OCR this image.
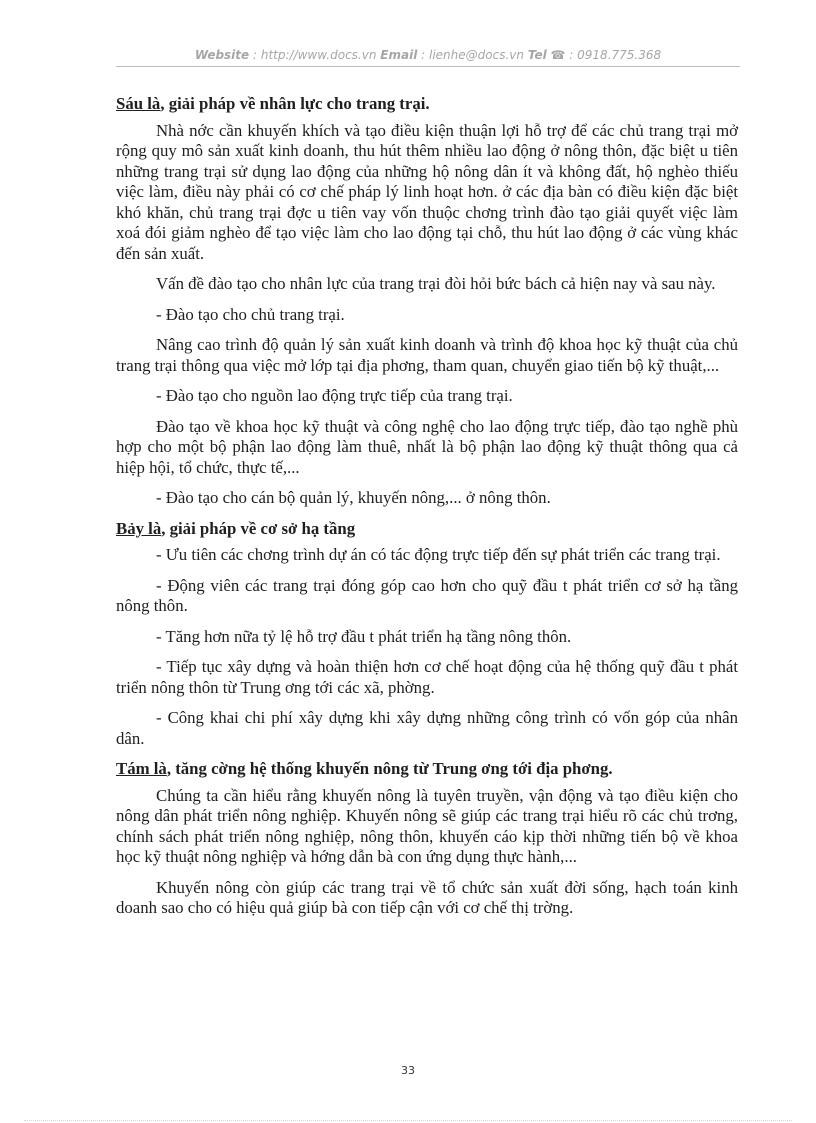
Website : http://www.docs.vn Email : lienhe@docs.vn Tel ☎ : 0918.775.368
Sáu là, giải pháp về nhân lực cho trang trại.

Nhà nớc cần khuyến khích và tạo điều kiện thuận lợi hỗ trợ để các chủ trang trại mở rộng quy mô sản xuất kinh doanh, thu hút thêm nhiều lao động ở nông thôn, đặc biệt u tiên những trang trại sử dụng lao động của những hộ nông dân ít và không đất, hộ nghèo thiếu việc làm, điều này phải có cơ chế pháp lý linh hoạt hơn. ở các địa bàn có điều kiện đặc biệt khó khăn, chủ trang trại đợc u tiên vay vốn thuộc chơng trình đào tạo giải quyết việc làm xoá đói giảm nghèo để tạo việc làm cho lao động tại chỗ, thu hút lao động ở các vùng khác đến sản xuất.

Vấn đề đào tạo cho nhân lực của trang trại đòi hỏi bức bách cả hiện nay và sau này.

- Đào tạo cho chủ trang trại.

Nâng cao trình độ quản lý sản xuất kinh doanh và trình độ khoa học kỹ thuật của chủ trang trại thông qua việc mở lớp tại địa phơng, tham quan, chuyển giao tiến bộ kỹ thuật,...

- Đào tạo cho nguồn lao động trực tiếp của trang trại.

Đào tạo về khoa học kỹ thuật và công nghệ cho lao động trực tiếp, đào tạo nghề phù hợp cho một bộ phận lao động làm thuê, nhất là bộ phận lao động kỹ thuật thông qua cả hiệp hội, tổ chức, thực tế,...

- Đào tạo cho cán bộ quản lý, khuyến nông,... ở nông thôn.

Bảy là, giải pháp về cơ sở hạ tầng

- Ưu tiên các chơng trình dự án có tác động trực tiếp đến sự phát triển các trang trại.

- Động viên các trang trại đóng góp cao hơn cho quỹ đầu t phát triển cơ sở hạ tầng nông thôn.

- Tăng hơn nữa tỷ lệ hỗ trợ đầu t phát triển hạ tầng nông thôn.

- Tiếp tục xây dựng và hoàn thiện hơn cơ chế hoạt động của hệ thống quỹ đầu t phát triển nông thôn từ Trung ơng tới các xã, phờng.

- Công khai chi phí xây dựng khi xây dựng những công trình có vốn góp của nhân dân.

Tám là, tăng cờng hệ thống khuyến nông từ Trung ơng tới địa phơng.

Chúng ta cần hiểu rằng khuyến nông là tuyên truyền, vận động và tạo điều kiện cho nông dân phát triển nông nghiệp. Khuyến nông sẽ giúp các trang trại hiểu rõ các chủ trơng, chính sách phát triển nông nghiệp, nông thôn, khuyến cáo kịp thời những tiến bộ về khoa học kỹ thuật nông nghiệp và hớng dẫn bà con ứng dụng thực hành,...

Khuyến nông còn giúp các trang trại về tổ chức sản xuất đời sống, hạch toán kinh doanh sao cho có hiệu quả giúp bà con tiếp cận với cơ chế thị trờng.

33
